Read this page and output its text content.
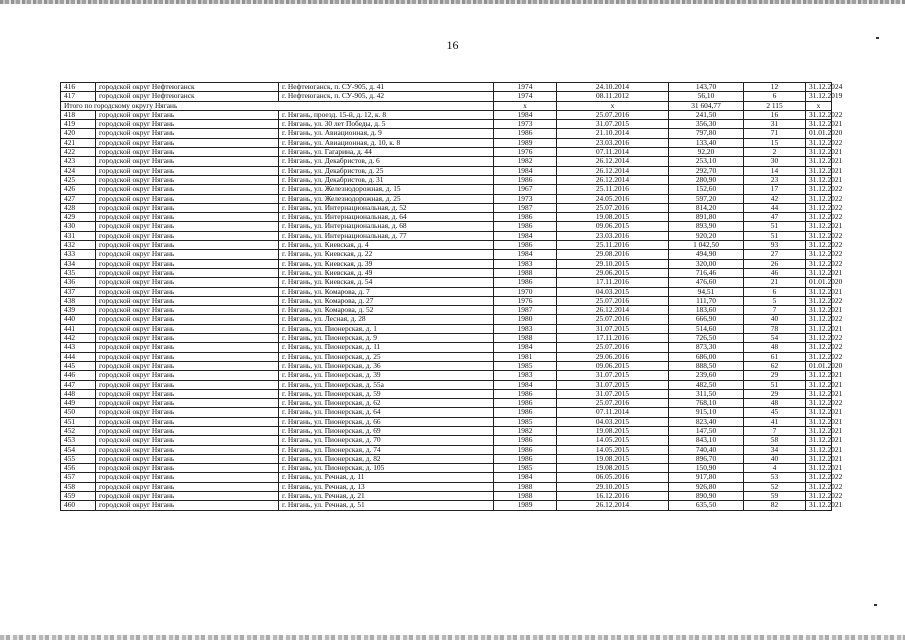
16
416	городской округ Нефтеюганск	г. Нефтеюганск, п. СУ-905, д. 41	1974	24.10.2014	143,70	12	31.12.2024
417	городской округ Нефтеюганск	г. Нефтеюганск, п. СУ-905, д. 42	1974	08.11.2012	56,10	6	31.12.2019
Итого по городскому округу Нягань			х	х	31 604,77	2 115	х
418	городской округ Нягань	г. Нягань, проезд. 15-й, д. 12, к. 8	1984	25.07.2016	241,50	16	31.12.2022
419	городской округ Нягань	г. Нягань, ул. 30 лет Победы, д. 5	1973	31.07.2015	356,30	31	31.12.2021
420	городской округ Нягань	г. Нягань, ул. Авиационная, д. 9	1986	21.10.2014	797,80	71	01.01.2020
421	городской округ Нягань	г. Нягань, ул. Авиационная, д. 10, к. 8	1989	23.03.2016	133,40	15	31.12.2022
422	городской округ Нягань	г. Нягань, ул. Гагарина, д. 44	1976	07.11.2014	92,20	2	31.12.2021
423	городской округ Нягань	г. Нягань, ул. Декабристов, д. 6	1982	26.12.2014	253,10	30	31.12.2021
424	городской округ Нягань	г. Нягань, ул. Декабристов, д. 25	1984	26.12.2014	292,70	14	31.12.2021
425	городской округ Нягань	г. Нягань, ул. Декабристов, д. 31	1986	26.12.2014	280,90	23	31.12.2021
426	городской округ Нягань	г. Нягань, ул. Железнодорожная, д. 15	1967	25.11.2016	152,60	17	31.12.2022
427	городской округ Нягань	г. Нягань, ул. Железнодорожная, д. 25	1973	24.05.2016	597,20	42	31.12.2022
428	городской округ Нягань	г. Нягань, ул. Интернациональная, д. 52	1987	25.07.2016	814,20	44	31.12.2022
429	городской округ Нягань	г. Нягань, ул. Интернациональная, д. 64	1986	19.08.2015	891,80	47	31.12.2022
430	городской округ Нягань	г. Нягань, ул. Интернациональная, д. 68	1986	09.06.2015	893,90	51	31.12.2021
431	городской округ Нягань	г. Нягань, ул. Интернациональная, д. 77	1984	23.03.2016	920,20	51	31.12.2022
432	городской округ Нягань	г. Нягань, ул. Киевская, д. 4	1986	25.11.2016	1 042,50	93	31.12.2022
433	городской округ Нягань	г. Нягань, ул. Киевская, д. 22	1984	29.08.2016	494,90	27	31.12.2022
434	городской округ Нягань	г. Нягань, ул. Киевская, д. 39	1983	29.10.2015	320,00	26	31.12.2022
435	городской округ Нягань	г. Нягань, ул. Киевская, д. 49	1988	29.06.2015	716,46	46	31.12.2021
436	городской округ Нягань	г. Нягань, ул. Киевская, д. 54	1986	17.11.2016	476,60	21	01.01.2020
437	городской округ Нягань	г. Нягань, ул. Комарова, д. 7	1970	04.03.2015	94,51	6	31.12.2021
438	городской округ Нягань	г. Нягань, ул. Комарова, д. 27	1976	25.07.2016	111,70	5	31.12.2022
439	городской округ Нягань	г. Нягань, ул. Комарова, д. 52	1987	26.12.2014	183,60	7	31.12.2021
440	городской округ Нягань	г. Нягань, ул. Лесная, д. 28	1980	25.07.2016	666,90	40	31.12.2022
441	городской округ Нягань	г. Нягань, ул. Пионерская, д. 1	1983	31.07.2015	514,60	78	31.12.2021
442	городской округ Нягань	г. Нягань, ул. Пионерская, д. 9	1988	17.11.2016	726,50	54	31.12.2022
443	городской округ Нягань	г. Нягань, ул. Пионерская, д. 11	1984	25.07.2016	873,30	48	31.12.2022
444	городской округ Нягань	г. Нягань, ул. Пионерская, д. 25	1981	29.06.2016	686,00	61	31.12.2022
445	городской округ Нягань	г. Нягань, ул. Пионерская, д. 36	1985	09.06.2015	888,50	62	01.01.2020
446	городской округ Нягань	г. Нягань, ул. Пионерская, д. 39	1983	31.07.2015	239,60	29	31.12.2021
447	городской округ Нягань	г. Нягань, ул. Пионерская, д. 55а	1984	31.07.2015	482,50	51	31.12.2021
448	городской округ Нягань	г. Нягань, ул. Пионерская, д. 59	1986	31.07.2015	311,50	29	31.12.2021
449	городской округ Нягань	г. Нягань, ул. Пионерская, д. 62	1986	25.07.2016	768,10	48	31.12.2022
450	городской округ Нягань	г. Нягань, ул. Пионерская, д. 64	1986	07.11.2014	915,10	45	31.12.2021
451	городской округ Нягань	г. Нягань, ул. Пионерская, д. 66	1985	04.03.2015	823,40	41	31.12.2021
452	городской округ Нягань	г. Нягань, ул. Пионерская, д. 69	1982	19.08.2015	147,50	7	31.12.2021
453	городской округ Нягань	г. Нягань, ул. Пионерская, д. 70	1986	14.05.2015	843,10	58	31.12.2021
454	городской округ Нягань	г. Нягань, ул. Пионерская, д. 74	1986	14.05.2015	740,40	34	31.12.2021
455	городской округ Нягань	г. Нягань, ул. Пионерская, д. 82	1986	19.08.2015	896,70	40	31.12.2021
456	городской округ Нягань	г. Нягань, ул. Пионерская, д. 105	1985	19.08.2015	150,90	4	31.12.2021
457	городской округ Нягань	г. Нягань, ул. Речная, д. 11	1984	06.05.2016	917,80	53	31.12.2022
458	городской округ Нягань	г. Нягань, ул. Речная, д. 13	1988	29.10.2015	926,80	52	31.12.2022
459	городской округ Нягань	г. Нягань, ул. Речная, д. 21	1988	16.12.2016	890,90	59	31.12.2022
460	городской округ Нягань	г. Нягань, ул. Речная, д. 51	1989	26.12.2014	635,50	82	31.12.2021
